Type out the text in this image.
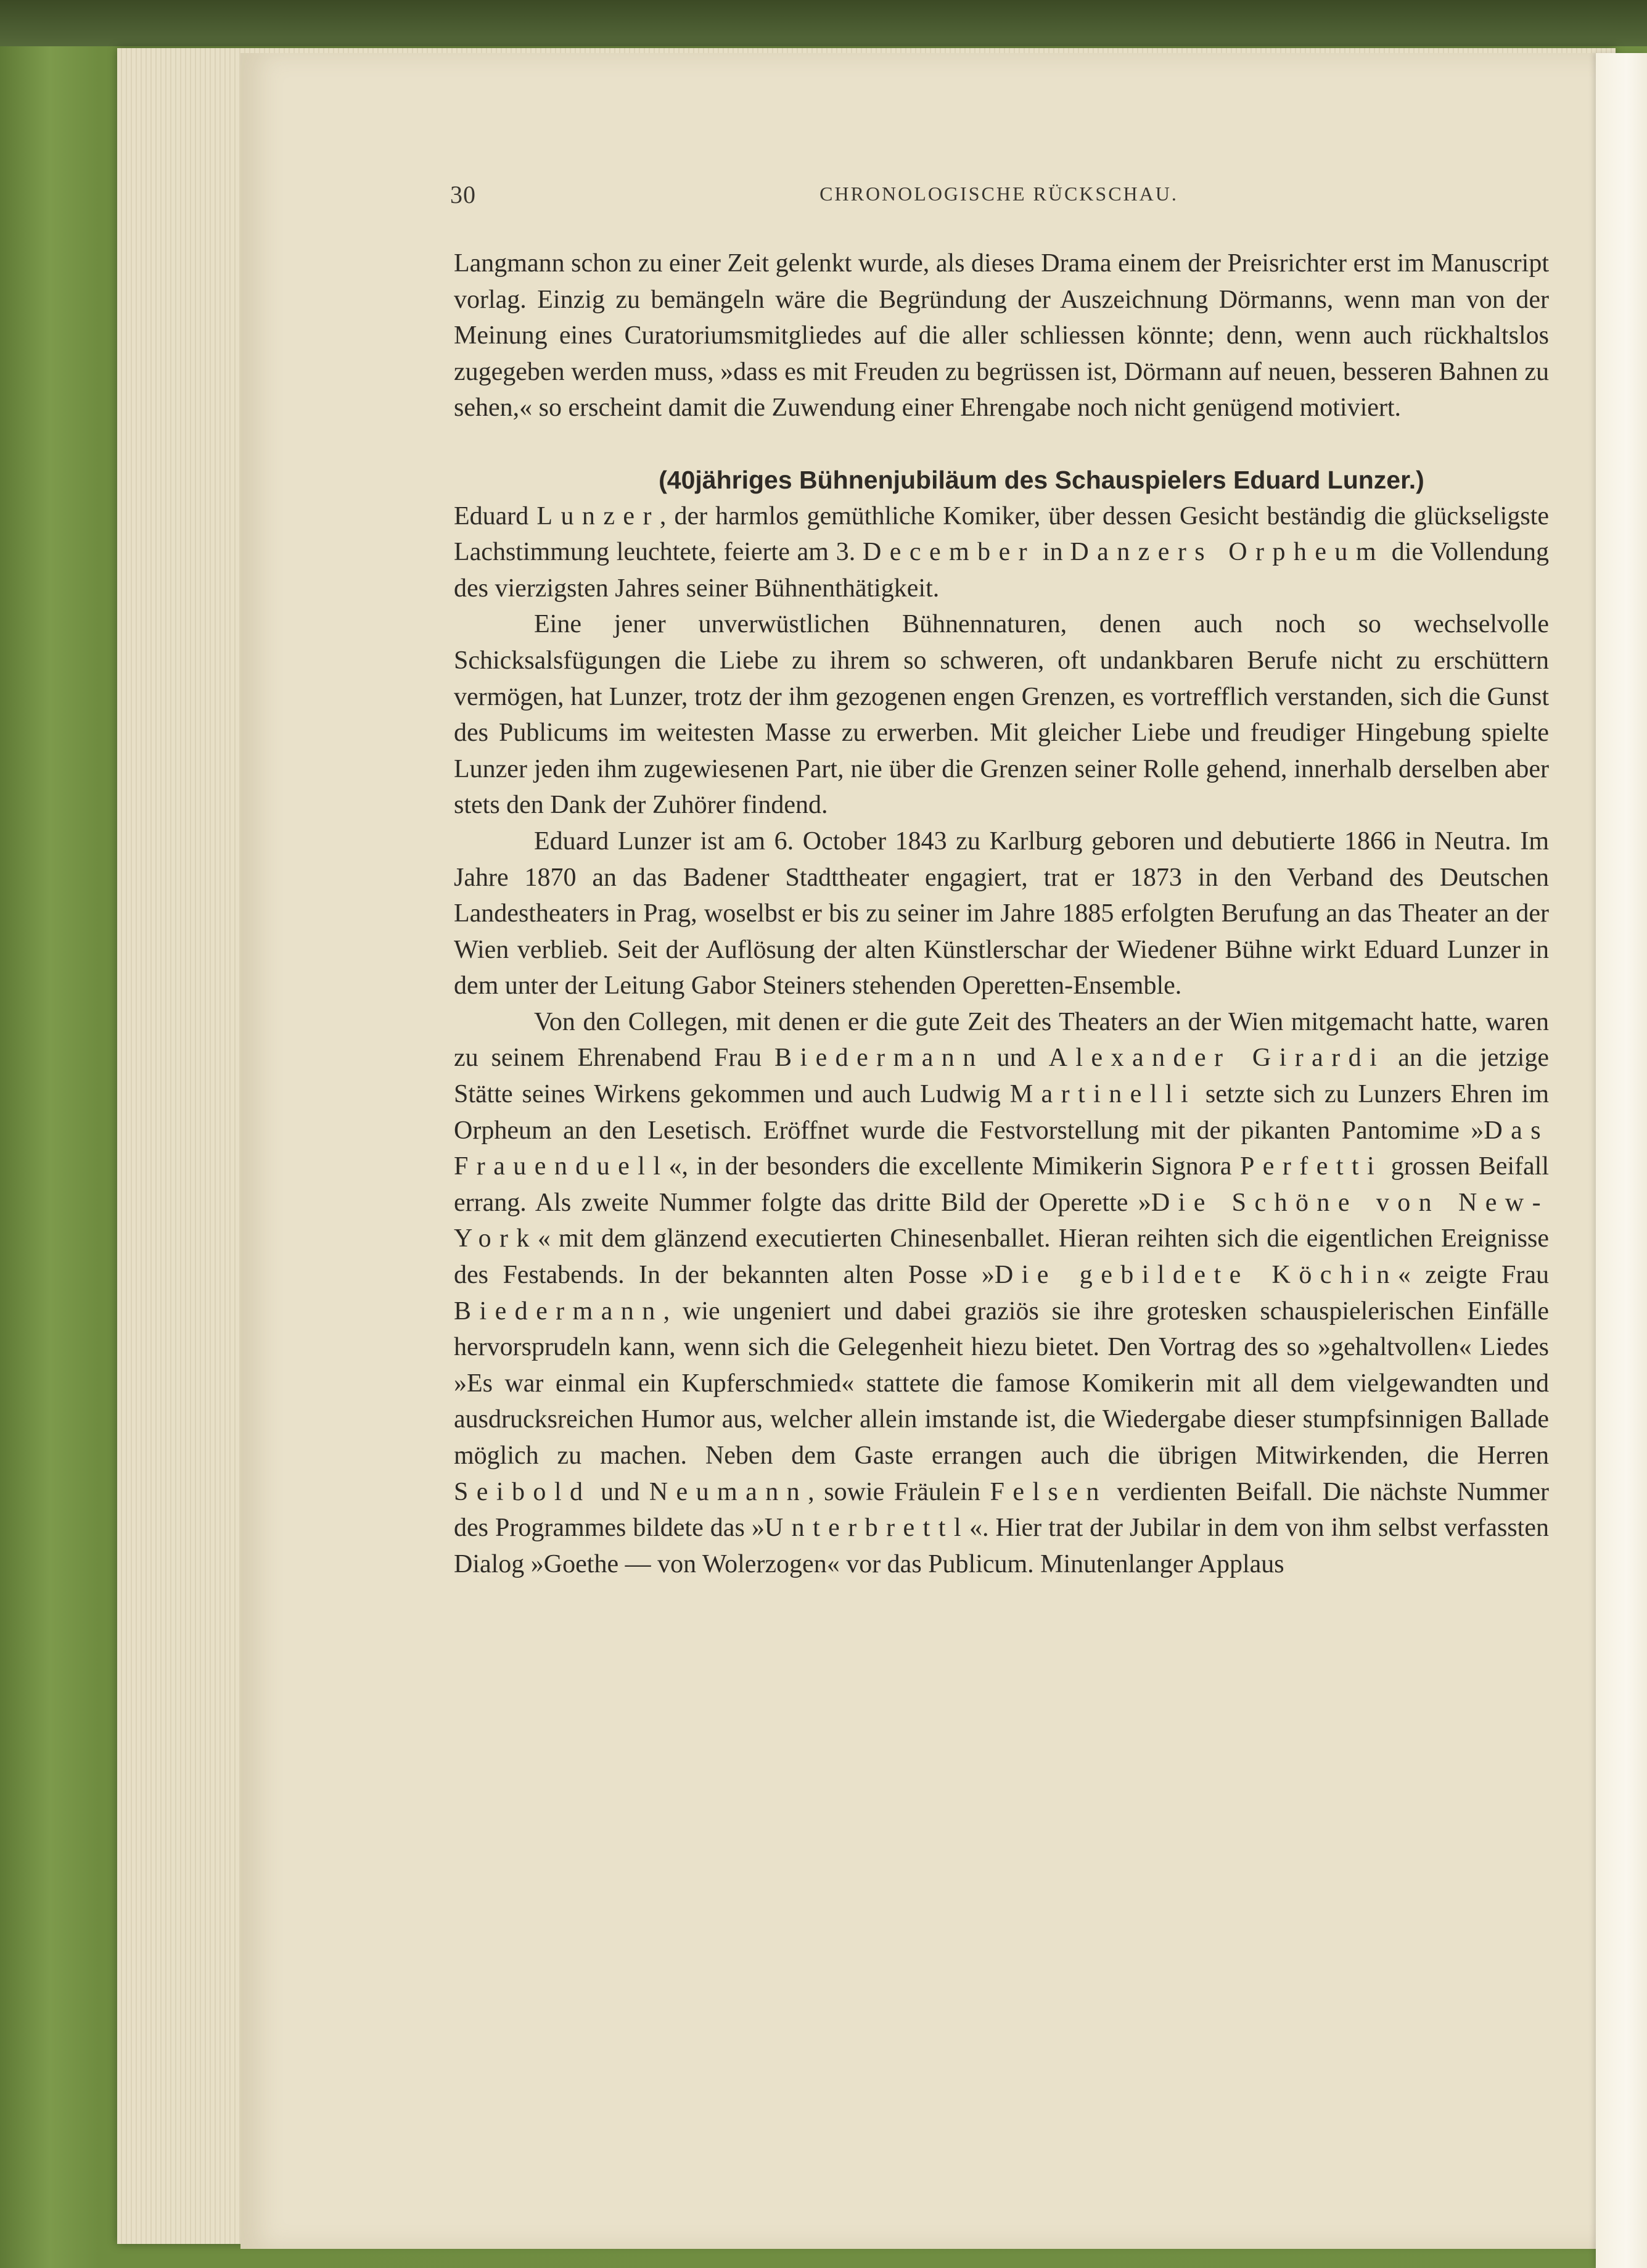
30	CHRONOLOGISCHE RÜCKSCHAU.

Langmann schon zu einer Zeit gelenkt wurde, als dieses Drama einem der Preisrichter erst im Manuscript vorlag. Einzig zu bemängeln wäre die Begründung der Auszeichnung Dörmanns, wenn man von der Meinung eines Curatoriumsmitgliedes auf die aller schliessen könnte; denn, wenn auch rückhaltslos zugegeben werden muss, »dass es mit Freuden zu begrüssen ist, Dörmann auf neuen, besseren Bahnen zu sehen,« so erscheint damit die Zuwendung einer Ehrengabe noch nicht genügend motiviert.

(40jähriges Bühnenjubiläum des Schauspielers Eduard Lunzer.)

Eduard Lunzer, der harmlos gemüthliche Komiker, über dessen Gesicht beständig die glückseligste Lachstimmung leuchtete, feierte am 3. December in Danzers Orpheum die Vollendung des vierzigsten Jahres seiner Bühnenthätigkeit.

Eine jener unverwüstlichen Bühnennaturen, denen auch noch so wechselvolle Schicksalsfügungen die Liebe zu ihrem so schweren, oft undankbaren Berufe nicht zu erschüttern vermögen, hat Lunzer, trotz der ihm gezogenen engen Grenzen, es vortrefflich verstanden, sich die Gunst des Publicums im weitesten Masse zu erwerben. Mit gleicher Liebe und freudiger Hingebung spielte Lunzer jeden ihm zugewiesenen Part, nie über die Grenzen seiner Rolle gehend, innerhalb derselben aber stets den Dank der Zuhörer findend.

Eduard Lunzer ist am 6. October 1843 zu Karlburg geboren und debutierte 1866 in Neutra. Im Jahre 1870 an das Badener Stadttheater engagiert, trat er 1873 in den Verband des Deutschen Landestheaters in Prag, woselbst er bis zu seiner im Jahre 1885 erfolgten Berufung an das Theater an der Wien verblieb. Seit der Auflösung der alten Künstlerschar der Wiedener Bühne wirkt Eduard Lunzer in dem unter der Leitung Gabor Steiners stehenden Operetten-Ensemble.

Von den Collegen, mit denen er die gute Zeit des Theaters an der Wien mitgemacht hatte, waren zu seinem Ehrenabend Frau Biedermann und Alexander Girardi an die jetzige Stätte seines Wirkens gekommen und auch Ludwig Martinelli setzte sich zu Lunzers Ehren im Orpheum an den Lesetisch. Eröffnet wurde die Festvorstellung mit der pikanten Pantomime »Das Frauenduell«, in der besonders die excellente Mimikerin Signora Perfetti grossen Beifall errang. Als zweite Nummer folgte das dritte Bild der Operette »Die Schöne von New-York« mit dem glänzend executierten Chinesenballet. Hieran reihten sich die eigentlichen Ereignisse des Festabends. In der bekannten alten Posse »Die gebildete Köchin« zeigte Frau Biedermann, wie ungeniert und dabei graziös sie ihre grotesken schauspielerischen Einfälle hervorsprudeln kann, wenn sich die Gelegenheit hiezu bietet. Den Vortrag des so »gehaltvollen« Liedes »Es war einmal ein Kupferschmied« stattete die famose Komikerin mit all dem vielgewandten und ausdrucksreichen Humor aus, welcher allein imstande ist, die Wiedergabe dieser stumpfsinnigen Ballade möglich zu machen. Neben dem Gaste errangen auch die übrigen Mitwirkenden, die Herren Seibold und Neumann, sowie Fräulein Felsen verdienten Beifall. Die nächste Nummer des Programmes bildete das »Unterbrettl«. Hier trat der Jubilar in dem von ihm selbst verfassten Dialog »Goethe — von Wolerzogen« vor das Publicum. Minutenlanger Applaus
